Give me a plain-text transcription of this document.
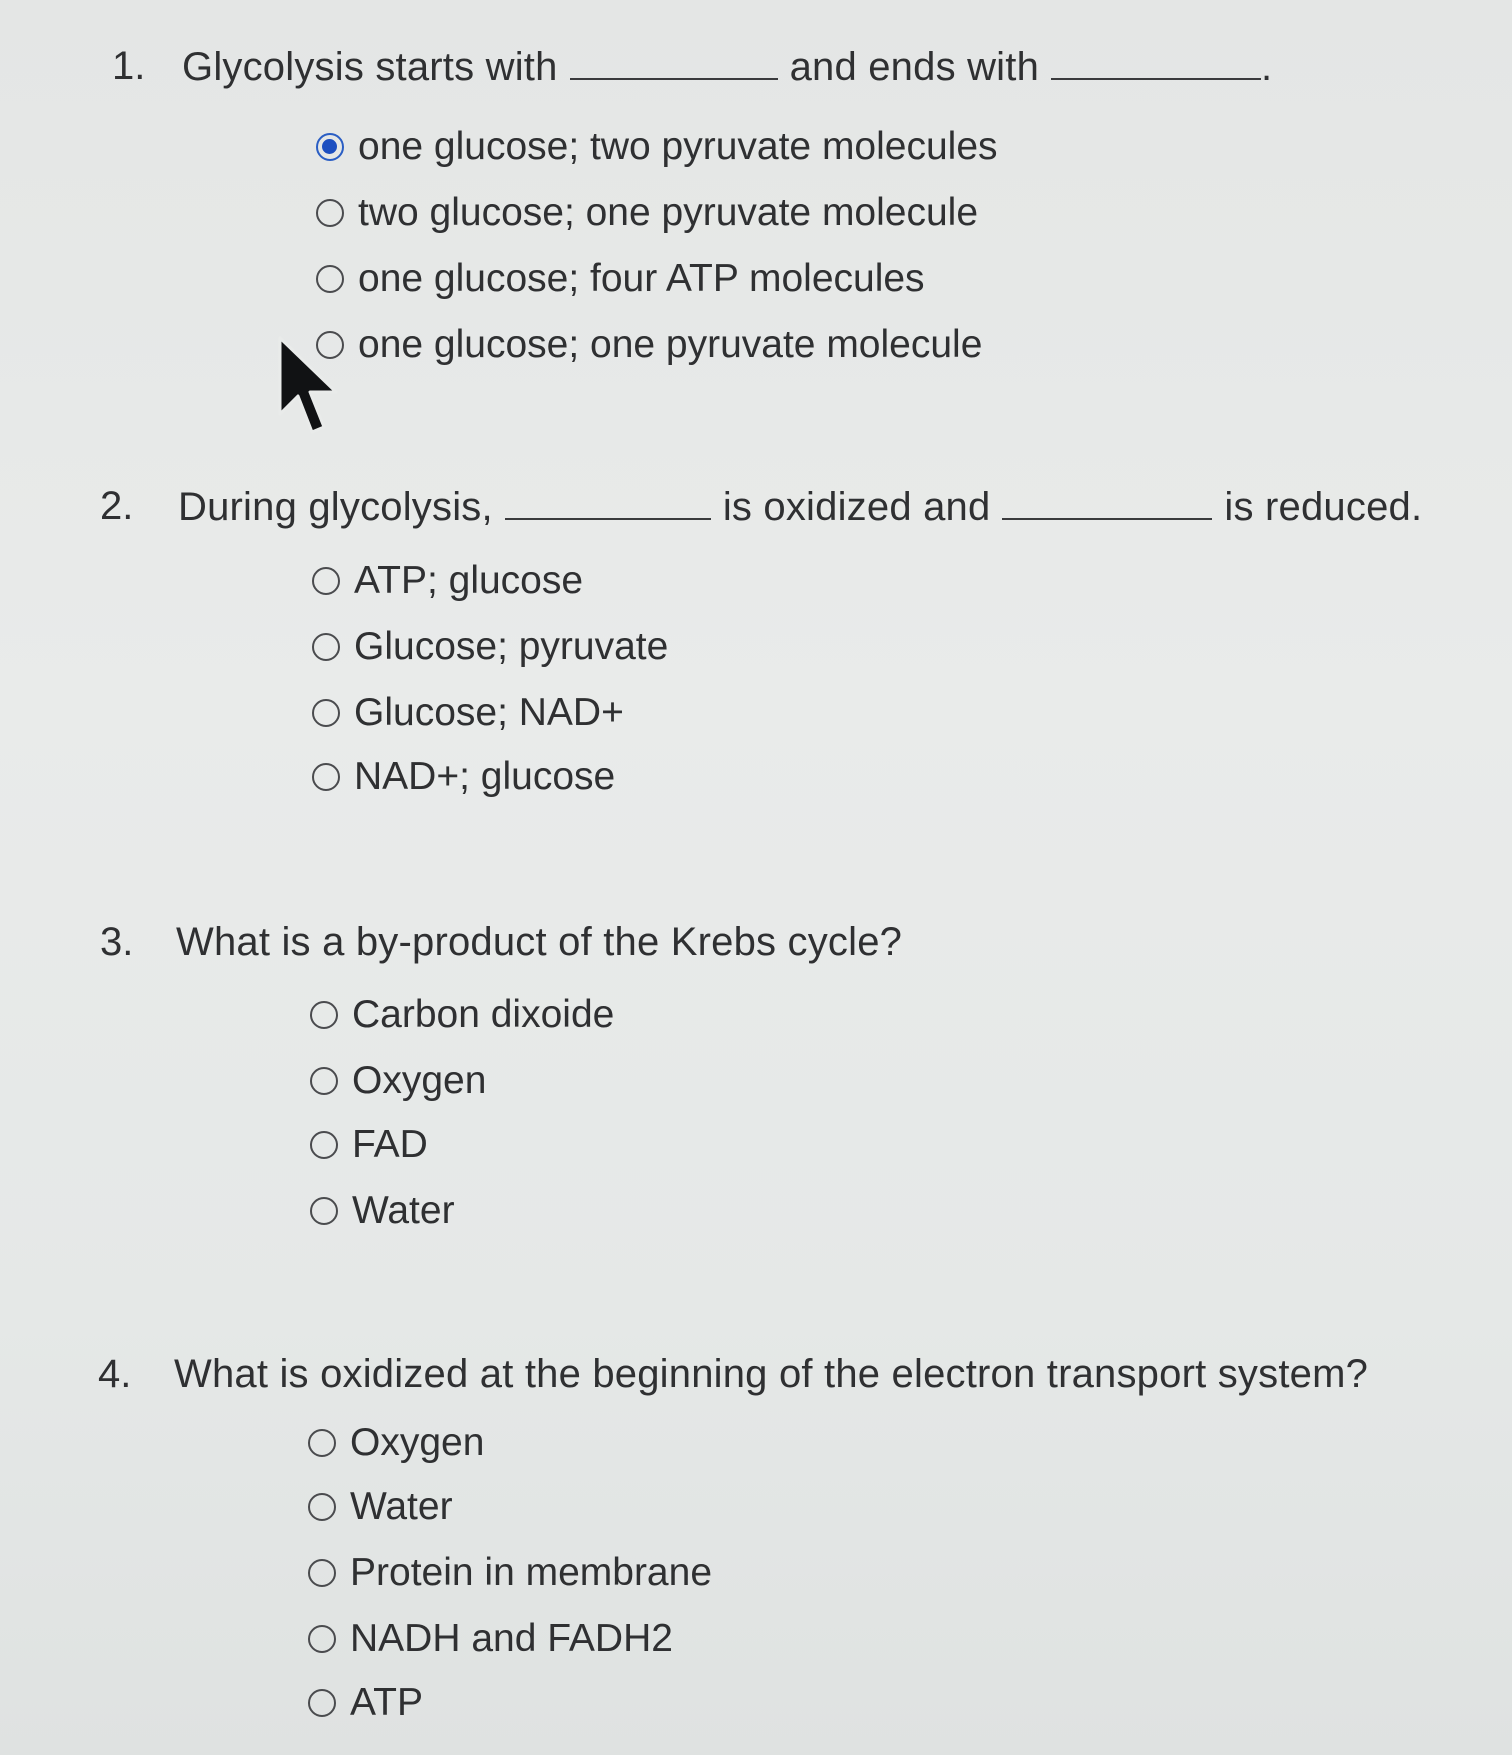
1. Glycolysis starts with	and ends with	.
one glucose; two pyruvate molecules
two glucose; one pyruvate molecule
one glucose; four ATP molecules
one glucose; one pyruvate molecule
2. During glycolysis,	is oxidized and	is reduced.
ATP; glucose
Glucose; pyruvate
Glucose; NAD+
NAD+; glucose
3. What is a by-product of the Krebs cycle?
Carbon dixoide
Oxygen
FAD
Water
4. What is oxidized at the beginning of the electron transport system?
Oxygen
Water
Protein in membrane
NADH and FADH2
ATP
